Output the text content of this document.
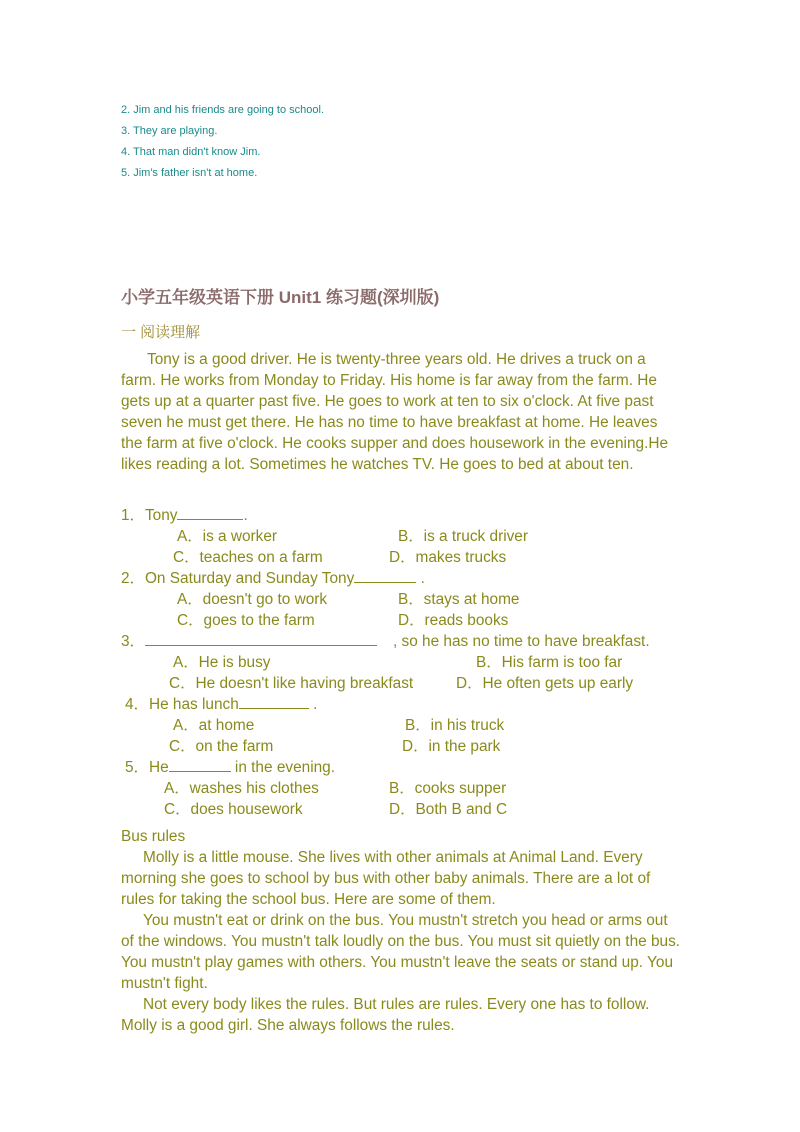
2. Jim and his friends are going to school.
3. They are playing.
4. That man didn't know Jim.
5. Jim's father isn't at home.
小学五年级英语下册 Unit1 练习题(深圳版)
一 阅读理解
Tony is a good driver. He is twenty-three years old. He drives a truck on a farm. He works from Monday to Friday. His home is far away from the farm. He gets up at a quarter past five. He goes to work at ten to six o'clock. At five past seven he must get there. He has no time to have breakfast at home. He leaves the farm at five o'clock. He cooks supper and does housework in the evening.He likes reading a lot. Sometimes he watches TV. He goes to bed at about ten.
1．Tony	.
A．is a worker	B．is a truck driver
C．teaches on a farm	D．makes trucks
2．On Saturday and Sunday Tony	.
A．doesn't go to work	B．stays at home
C．goes to the farm	D．reads books
3．	, so he has no time to have breakfast.
A．He is busy	B．His farm is too far
C．He doesn't like having breakfast	D．He often gets up early
4．He has lunch	.
A．at home	B．in his truck
C．on the farm	D．in the park
5．He	in the evening.
A．washes his clothes	B．cooks supper
C．does housework	D．Both B and C
Bus rules
Molly is a little mouse. She lives with other animals at Animal Land. Every morning she goes to school by bus with other baby animals. There are a lot of rules for taking the school bus. Here are some of them.
You mustn't eat or drink on the bus. You mustn't stretch you head or arms out of the windows. You mustn't talk loudly on the bus. You must sit quietly on the bus. You mustn't play games with others. You mustn't leave the seats or stand up. You mustn't fight.
Not every body likes the rules. But rules are rules. Every one has to follow. Molly is a good girl. She always follows the rules.
